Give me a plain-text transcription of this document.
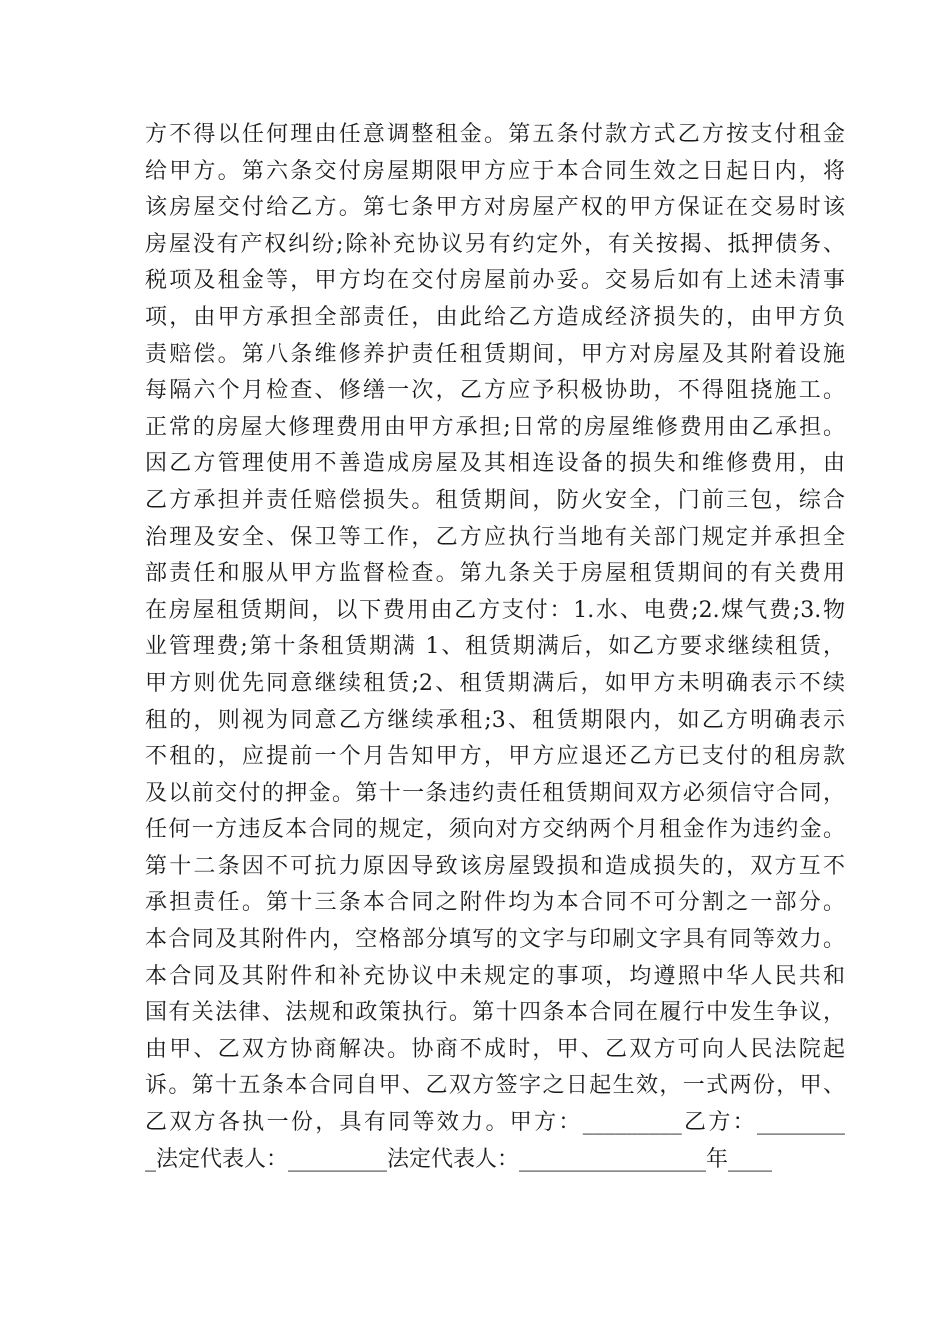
方不得以任何理由任意调整租金。第五条付款方式乙方按支付租金
给甲方。第六条交付房屋期限甲方应于本合同生效之日起日内，将
该房屋交付给乙方。第七条甲方对房屋产权的甲方保证在交易时该
房屋没有产权纠纷;除补充协议另有约定外，有关按揭、抵押债务、
税项及租金等，甲方均在交付房屋前办妥。交易后如有上述未清事
项，由甲方承担全部责任，由此给乙方造成经济损失的，由甲方负
责赔偿。第八条维修养护责任租赁期间，甲方对房屋及其附着设施
每隔六个月检查、修缮一次，乙方应予积极协助，不得阻挠施工。
正常的房屋大修理费用由甲方承担;日常的房屋维修费用由乙承担。
因乙方管理使用不善造成房屋及其相连设备的损失和维修费用，由
乙方承担并责任赔偿损失。租赁期间，防火安全，门前三包，综合
治理及安全、保卫等工作，乙方应执行当地有关部门规定并承担全
部责任和服从甲方监督检查。第九条关于房屋租赁期间的有关费用
在房屋租赁期间，以下费用由乙方支付：1.水、电费;2.煤气费;3.物
业管理费;第十条租赁期满 1、租赁期满后，如乙方要求继续租赁，
甲方则优先同意继续租赁;2、租赁期满后，如甲方未明确表示不续
租的，则视为同意乙方继续承租;3、租赁期限内，如乙方明确表示
不租的，应提前一个月告知甲方，甲方应退还乙方已支付的租房款
及以前交付的押金。第十一条违约责任租赁期间双方必须信守合同，
任何一方违反本合同的规定，须向对方交纳两个月租金作为违约金。
第十二条因不可抗力原因导致该房屋毁损和造成损失的，双方互不
承担责任。第十三条本合同之附件均为本合同不可分割之一部分。
本合同及其附件内，空格部分填写的文字与印刷文字具有同等效力。
本合同及其附件和补充协议中未规定的事项，均遵照中华人民共和
国有关法律、法规和政策执行。第十四条本合同在履行中发生争议，
由甲、乙双方协商解决。协商不成时，甲、乙双方可向人民法院起
诉。第十五条本合同自甲、乙双方签字之日起生效，一式两份，甲、
乙双方各执一份，具有同等效力。甲方：_________乙方：________
_法定代表人：_________法定代表人：_________________年____
